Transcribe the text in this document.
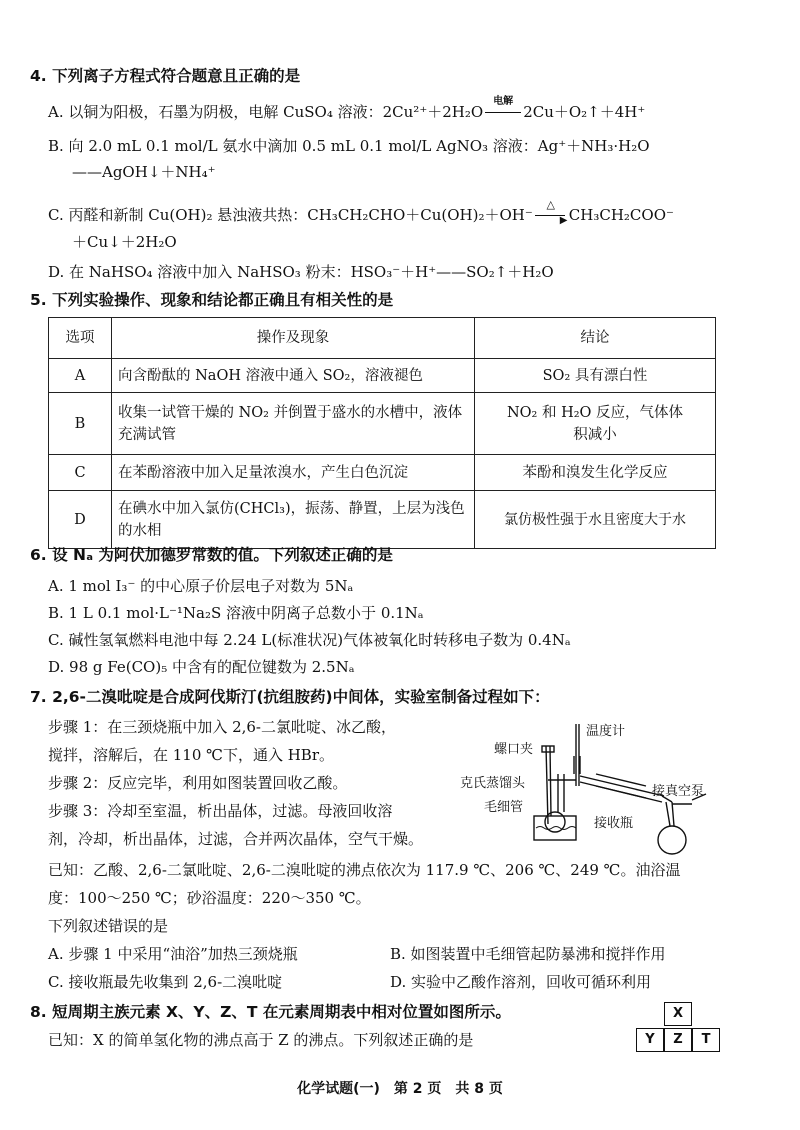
4. 下列离子方程式符合题意且正确的是
A. 以铜为阳极，石墨为阴极，电解 CuSO₄ 溶液：2Cu²⁺＋2H₂O
电解
2Cu＋O₂↑＋4H⁺
B. 向 2.0 mL 0.1 mol/L 氨水中滴加 0.5 mL 0.1 mol/L AgNO₃ 溶液：Ag⁺＋NH₃·H₂O
——AgOH↓＋NH₄⁺
C. 丙醛和新制 Cu(OH)₂ 悬浊液共热：CH₃CH₂CHO＋Cu(OH)₂＋OH⁻
△
▶ CH₃CH₂COO⁻
＋Cu↓＋2H₂O
D. 在 NaHSO₄ 溶液中加入 NaHSO₃ 粉末：HSO₃⁻＋H⁺——SO₂↑＋H₂O
5. 下列实验操作、现象和结论都正确且有相关性的是
选项	操作及现象	结论
A	向含酚酞的 NaOH 溶液中通入 SO₂，溶液褪色	SO₂ 具有漂白性
B	收集一试管干燥的 NO₂ 并倒置于盛水的水槽中，液体充满试管	NO₂ 和 H₂O 反应，气体体积减小
C	在苯酚溶液中加入足量浓溴水，产生白色沉淀	苯酚和溴发生化学反应
D	在碘水中加入氯仿(CHCl₃)，振荡、静置，上层为浅色的水相	氯仿极性强于水且密度大于水
6. 设 Nₐ 为阿伏加德罗常数的值。下列叙述正确的是
A. 1 mol I₃⁻ 的中心原子价层电子对数为 5Nₐ
B. 1 L 0.1 mol·L⁻¹Na₂S 溶液中阴离子总数小于 0.1Nₐ
C. 碱性氢氧燃料电池中每 2.24 L(标准状况)气体被氧化时转移电子数为 0.4Nₐ
D. 98 g Fe(CO)₅ 中含有的配位键数为 2.5Nₐ
7. 2,6-二溴吡啶是合成阿伐斯汀(抗组胺药)中间体，实验室制备过程如下：
步骤 1：在三颈烧瓶中加入 2,6-二氯吡啶、冰乙酸，
搅拌，溶解后，在 110 ℃下，通入 HBr。
步骤 2：反应完毕，利用如图装置回收乙酸。
步骤 3：冷却至室温，析出晶体，过滤。母液回收溶
剂，冷却，析出晶体，过滤，合并两次晶体，空气干燥。
已知：乙酸、2,6-二氯吡啶、2,6-二溴吡啶的沸点依次为 117.9 ℃、206 ℃、249 ℃。油浴温
度：100～250 ℃；砂浴温度：220～350 ℃。
下列叙述错误的是
A. 步骤 1 中采用“油浴”加热三颈烧瓶	B. 如图装置中毛细管起防暴沸和搅拌作用
C. 接收瓶最先收集到 2,6-二溴吡啶	D. 实验中乙酸作溶剂，回收可循环利用
螺口夹
温度计
克氏蒸馏头
毛细管
接真空泵
接收瓶
8. 短周期主族元素 X、Y、Z、T 在元素周期表中相对位置如图所示。
已知：X 的简单氢化物的沸点高于 Z 的沸点。下列叙述正确的是
X
Y	Z	T
化学试题(一)　第 2 页　共 8 页
